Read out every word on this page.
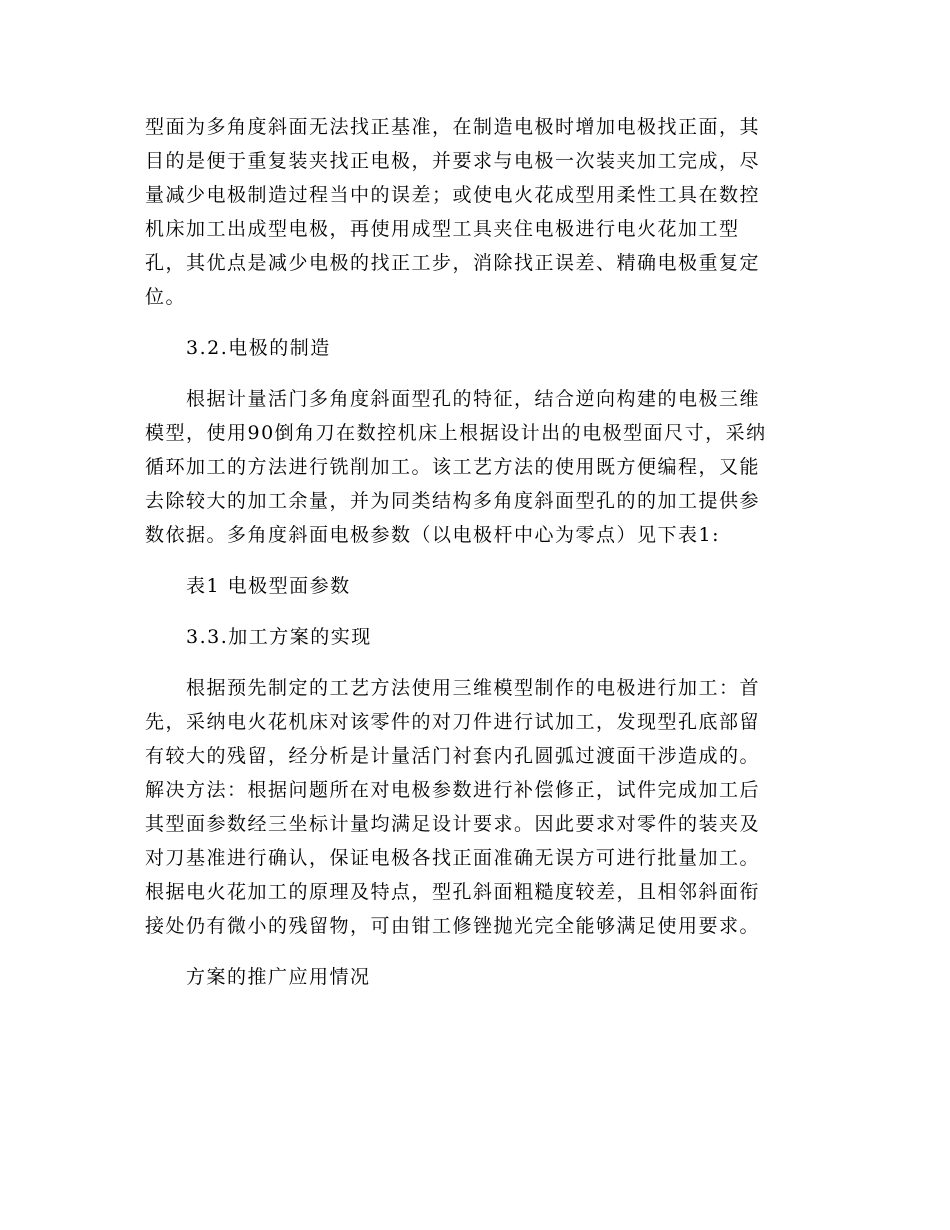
型面为多角度斜面无法找正基准，在制造电极时增加电极找正面，其
目的是便于重复装夹找正电极，并要求与电极一次装夹加工完成，尽
量减少电极制造过程当中的误差；或使电火花成型用柔性工具在数控
机床加工出成型电极，再使用成型工具夹住电极进行电火花加工型
孔，其优点是减少电极的找正工步，消除找正误差、精确电极重复定
位。
3.2.电极的制造
根据计量活门多角度斜面型孔的特征，结合逆向构建的电极三维
模型，使用90倒角刀在数控机床上根据设计出的电极型面尺寸，采纳
循环加工的方法进行铣削加工。该工艺方法的使用既方便编程，又能
去除较大的加工余量，并为同类结构多角度斜面型孔的的加工提供参
数依据。多角度斜面电极参数（以电极杆中心为零点）见下表1:
表1 电极型面参数
3.3.加工方案的实现
根据预先制定的工艺方法使用三维模型制作的电极进行加工：首
先，采纳电火花机床对该零件的对刀件进行试加工，发现型孔底部留
有较大的残留，经分析是计量活门衬套内孔圆弧过渡面干涉造成的。
解决方法：根据问题所在对电极参数进行补偿修正，试件完成加工后
其型面参数经三坐标计量均满足设计要求。因此要求对零件的装夹及
对刀基准进行确认，保证电极各找正面准确无误方可进行批量加工。
根据电火花加工的原理及特点，型孔斜面粗糙度较差，且相邻斜面衔
接处仍有微小的残留物，可由钳工修锉抛光完全能够满足使用要求。
方案的推广应用情况
